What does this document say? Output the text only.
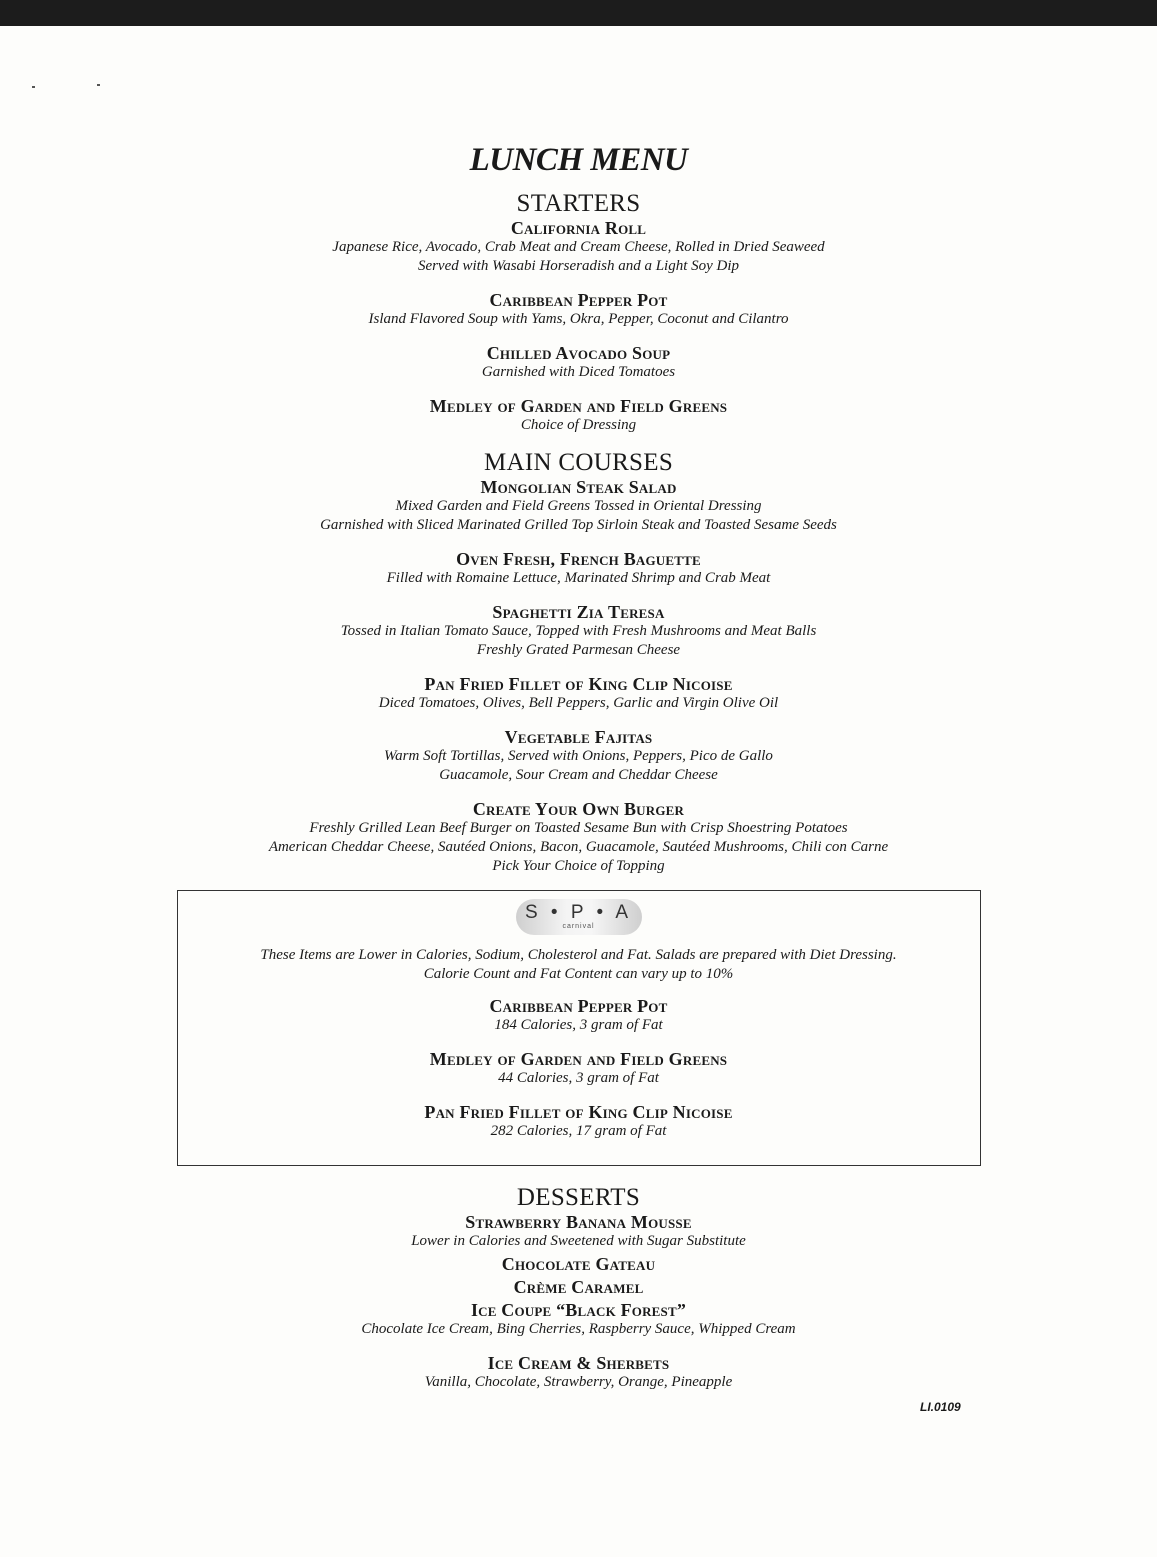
LUNCH MENU
STARTERS
California Roll
Japanese Rice, Avocado, Crab Meat and Cream Cheese, Rolled in Dried Seaweed
Served with Wasabi Horseradish and a Light Soy Dip
Caribbean Pepper Pot
Island Flavored Soup with Yams, Okra, Pepper, Coconut and Cilantro
Chilled Avocado Soup
Garnished with Diced Tomatoes
Medley of Garden and Field Greens
Choice of Dressing
MAIN COURSES
Mongolian Steak Salad
Mixed Garden and Field Greens Tossed in Oriental Dressing
Garnished with Sliced Marinated Grilled Top Sirloin Steak and Toasted Sesame Seeds
Oven Fresh, French Baguette
Filled with Romaine Lettuce, Marinated Shrimp and Crab Meat
Spaghetti Zia Teresa
Tossed in Italian Tomato Sauce, Topped with Fresh Mushrooms and Meat Balls
Freshly Grated Parmesan Cheese
Pan Fried Fillet of King Clip Nicoise
Diced Tomatoes, Olives, Bell Peppers, Garlic and Virgin Olive Oil
Vegetable Fajitas
Warm Soft Tortillas, Served with Onions, Peppers, Pico de Gallo
Guacamole, Sour Cream and Cheddar Cheese
Create Your Own Burger
Freshly Grilled Lean Beef Burger on Toasted Sesame Bun with Crisp Shoestring Potatoes
American Cheddar Cheese, Sautéed Onions, Bacon, Guacamole, Sautéed Mushrooms, Chili con Carne
Pick Your Choice of Topping
S • P • A
carnival
These Items are Lower in Calories, Sodium, Cholesterol and Fat. Salads are prepared with Diet Dressing.
Calorie Count and Fat Content can vary up to 10%
Caribbean Pepper Pot
184 Calories, 3 gram of Fat
Medley of Garden and Field Greens
44 Calories, 3 gram of Fat
Pan Fried Fillet of King Clip Nicoise
282 Calories, 17 gram of Fat
DESSERTS
Strawberry Banana Mousse
Lower in Calories and Sweetened with Sugar Substitute
Chocolate Gateau
Crème Caramel
Ice Coupe “Black Forest”
Chocolate Ice Cream, Bing Cherries, Raspberry Sauce, Whipped Cream
Ice Cream & Sherbets
Vanilla, Chocolate, Strawberry, Orange, Pineapple
LI.0109
